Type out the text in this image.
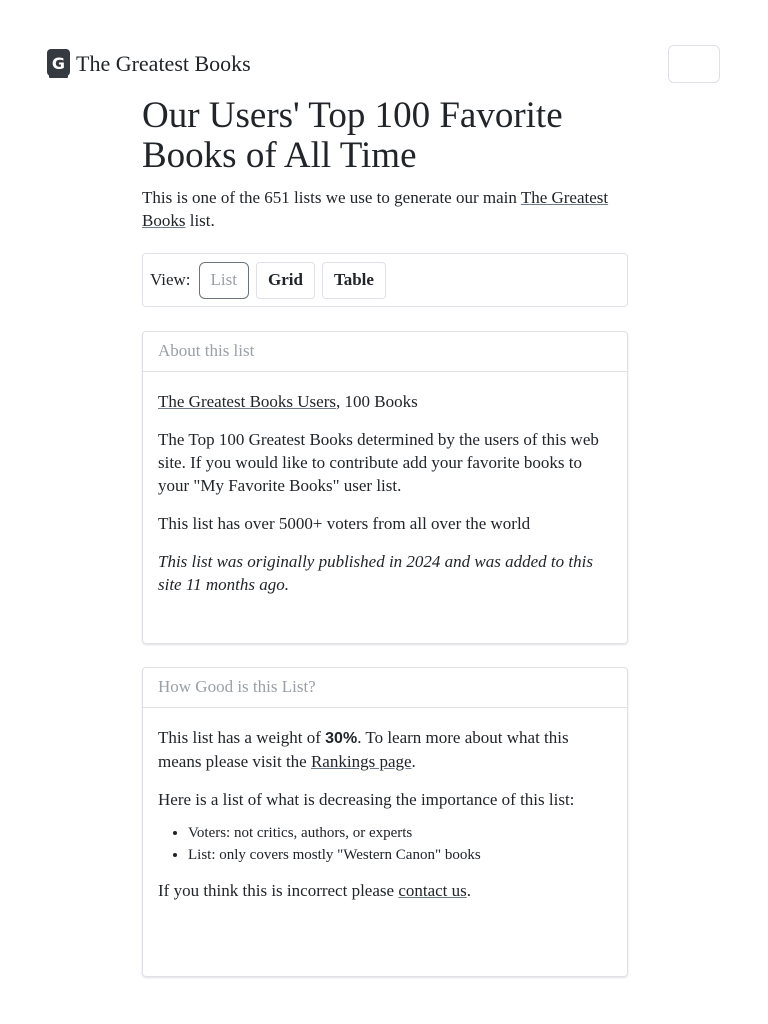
G The Greatest Books
Our Users' Top 100 Favorite Books of All Time

This is one of the 651 lists we use to generate our main The Greatest Books list.

View:	List	Grid	Table
About this list

The Greatest Books Users, 100 Books

The Top 100 Greatest Books determined by the users of this web site. If you would like to contribute add your favorite books to your "My Favorite Books" user list.

This list has over 5000+ voters from all over the world

This list was originally published in 2024 and was added to this site 11 months ago.

How Good is this List?

This list has a weight of 30%. To learn more about what this means please visit the Rankings page.

Here is a list of what is decreasing the importance of this list:

• Voters: not critics, authors, or experts
• List: only covers mostly "Western Canon" books

If you think this is incorrect please contact us.
